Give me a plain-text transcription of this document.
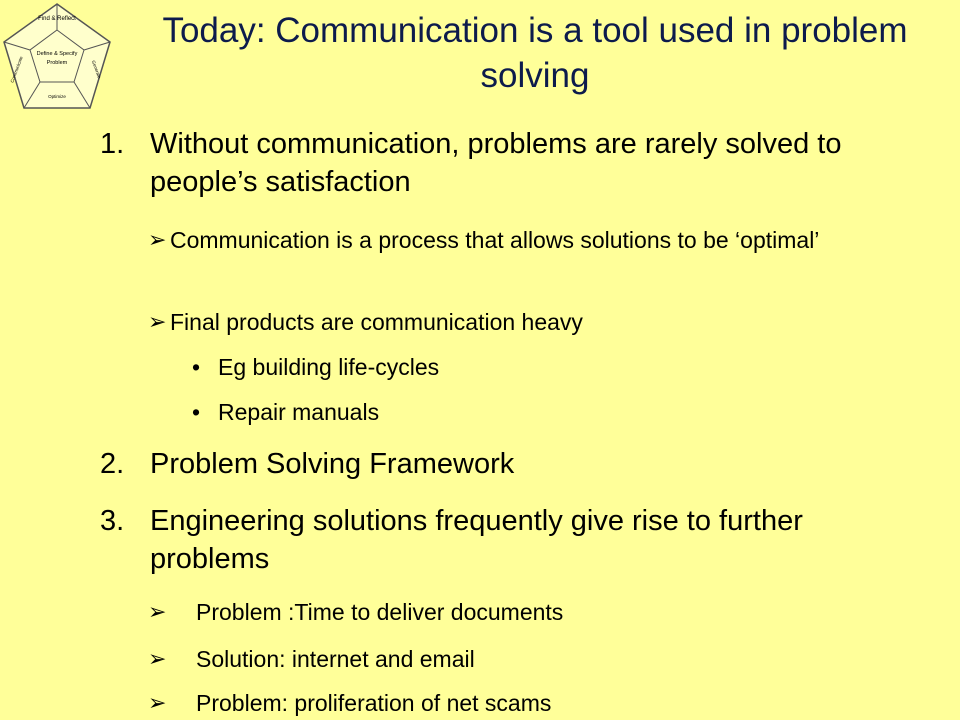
Find & Reflect
Define & Specify
Problem	Generate
Optimize
Communicate
Today: Communication is a tool used in problem solving
1. Without communication, problems are rarely solved to people’s satisfaction
➢ Communication is a process that allows solutions to be ‘optimal’
➢ Final products are communication heavy
• Eg building life-cycles
• Repair manuals
2. Problem Solving Framework
3. Engineering solutions frequently give rise to further problems
➢	Problem :Time to deliver documents
➢	Solution: internet and email
➢	Problem: proliferation of net scams
